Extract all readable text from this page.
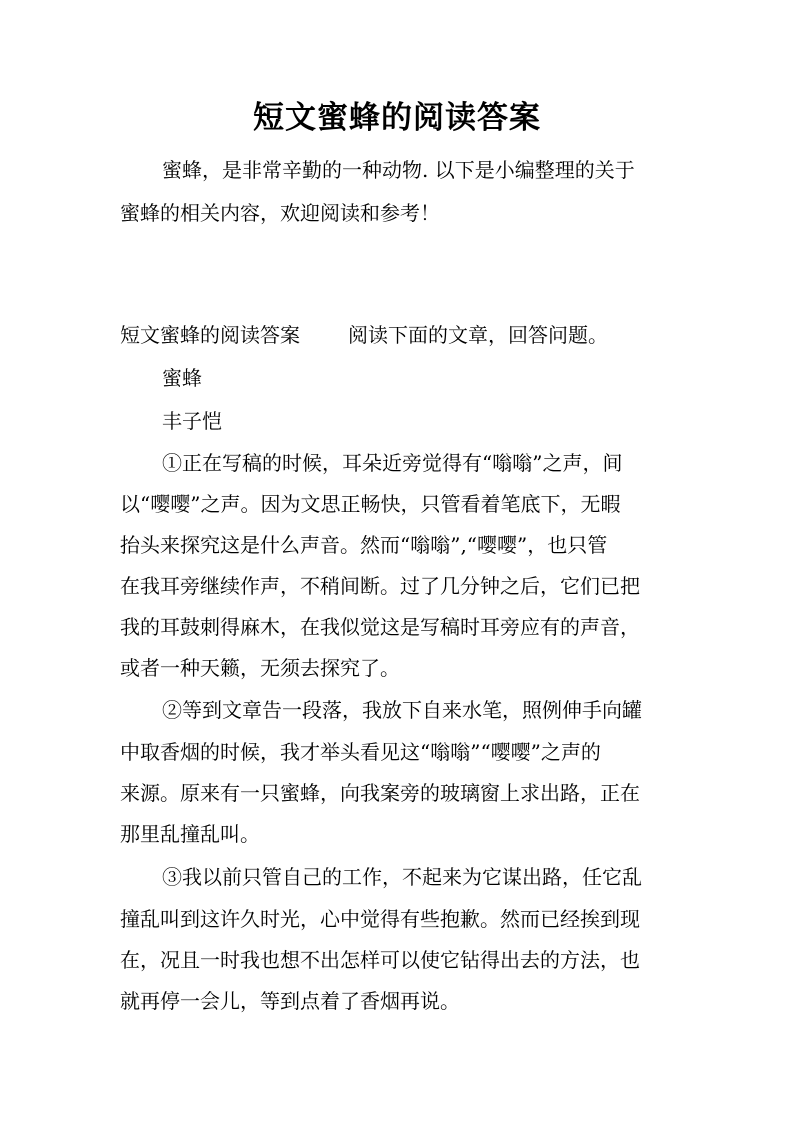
短文蜜蜂的阅读答案
蜜蜂，是非常辛勤的一种动物. 以下是小编整理的关于
蜜蜂的相关内容，欢迎阅读和参考！
短文蜜蜂的阅读答案 阅读下面的文章，回答问题。
蜜蜂
丰子恺
①正在写稿的时候，耳朵近旁觉得有“嗡嗡”之声，间
以“嘤嘤”之声。因为文思正畅快，只管看着笔底下，无暇
抬头来探究这是什么声音。然而“嗡嗡”,“嘤嘤”，也只管
在我耳旁继续作声，不稍间断。过了几分钟之后，它们已把
我的耳鼓刺得麻木，在我似觉这是写稿时耳旁应有的声音，
或者一种天籁，无须去探究了。
②等到文章告一段落，我放下自来水笔，照例伸手向罐
中取香烟的时候，我才举头看见这“嗡嗡”“嘤嘤”之声的
来源。原来有一只蜜蜂，向我案旁的玻璃窗上求出路，正在
那里乱撞乱叫。
③我以前只管自己的工作，不起来为它谋出路，任它乱
撞乱叫到这许久时光，心中觉得有些抱歉。然而已经挨到现
在，况且一时我也想不出怎样可以使它钻得出去的方法，也
就再停一会儿，等到点着了香烟再说。
